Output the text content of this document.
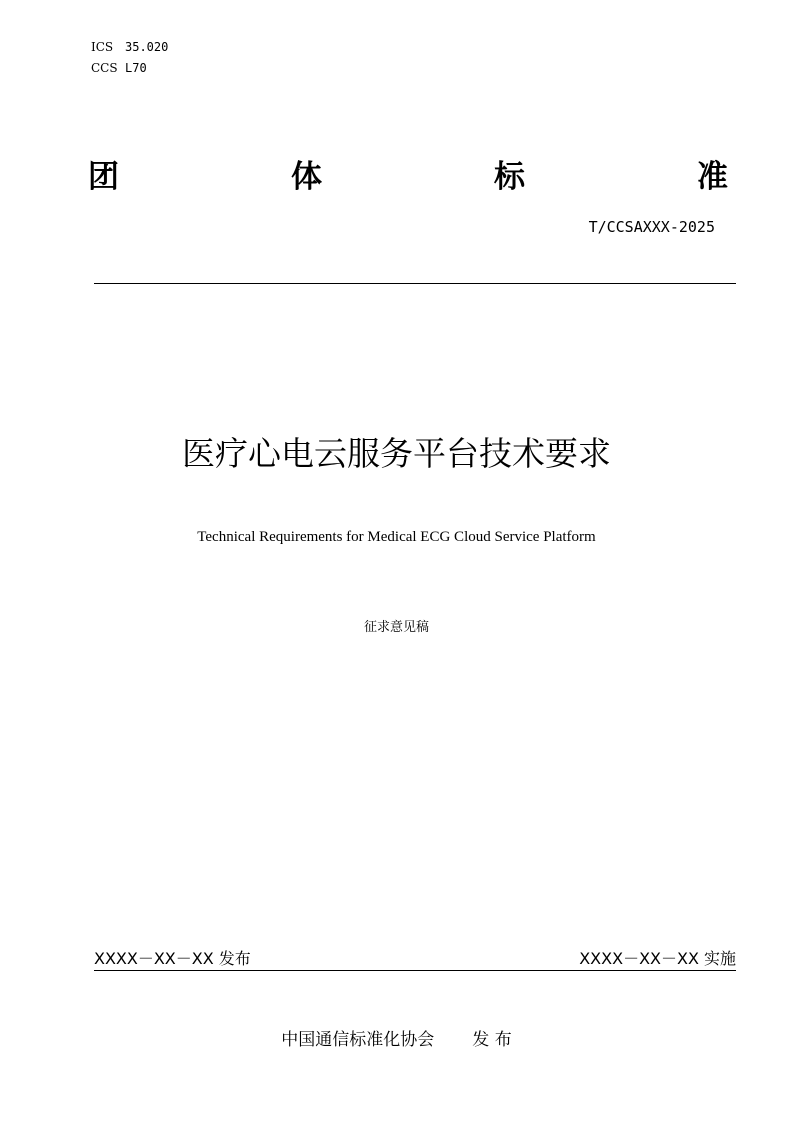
ICS 35.020
CCS L70
团	体	标	准
T/CCSAXXX-2025
医疗心电云服务平台技术要求
Technical Requirements for Medical ECG Cloud Service Platform
征求意见稿
XXXX－XX－XX 发布	XXXX－XX－XX 实施
中国通信标准化协会 发 布
